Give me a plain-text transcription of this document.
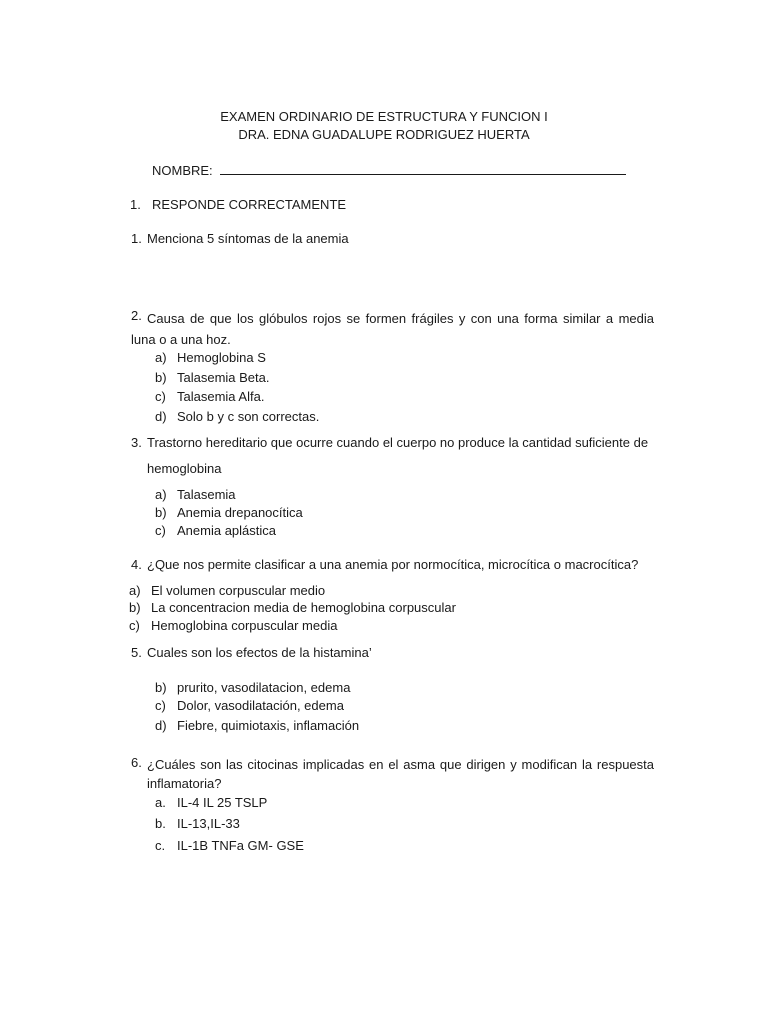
EXAMEN ORDINARIO DE ESTRUCTURA Y FUNCION I
DRA. EDNA GUADALUPE RODRIGUEZ HUERTA
NOMBRE:
1. RESPONDE CORRECTAMENTE
1. Menciona 5 síntomas de la anemia
2. Causa de que los glóbulos rojos se formen frágiles y con una forma similar a media luna o a una hoz.
a) Hemoglobina S
b) Talasemia Beta.
c) Talasemia Alfa.
d) Solo b y c son correctas.
3. Trastorno hereditario que ocurre cuando el cuerpo no produce la cantidad suficiente de
hemoglobina
a) Talasemia
b) Anemia drepanocítica
c) Anemia aplástica
4. ¿Que nos permite clasificar a una anemia por normocítica, microcítica o macrocítica?
a) El volumen corpuscular medio
b) La concentracion media de hemoglobina corpuscular
c) Hemoglobina corpuscular media
5. Cuales son los efectos de la histamina’
b) prurito, vasodilatacion, edema
c) Dolor, vasodilatación, edema
d) Fiebre, quimiotaxis, inflamación
6. ¿Cuáles son las citocinas implicadas en el asma que dirigen y modifican la respuesta inflamatoria?
a. IL-4 IL 25 TSLP
b. IL-13,IL-33
c. IL-1B TNFa GM- GSE
